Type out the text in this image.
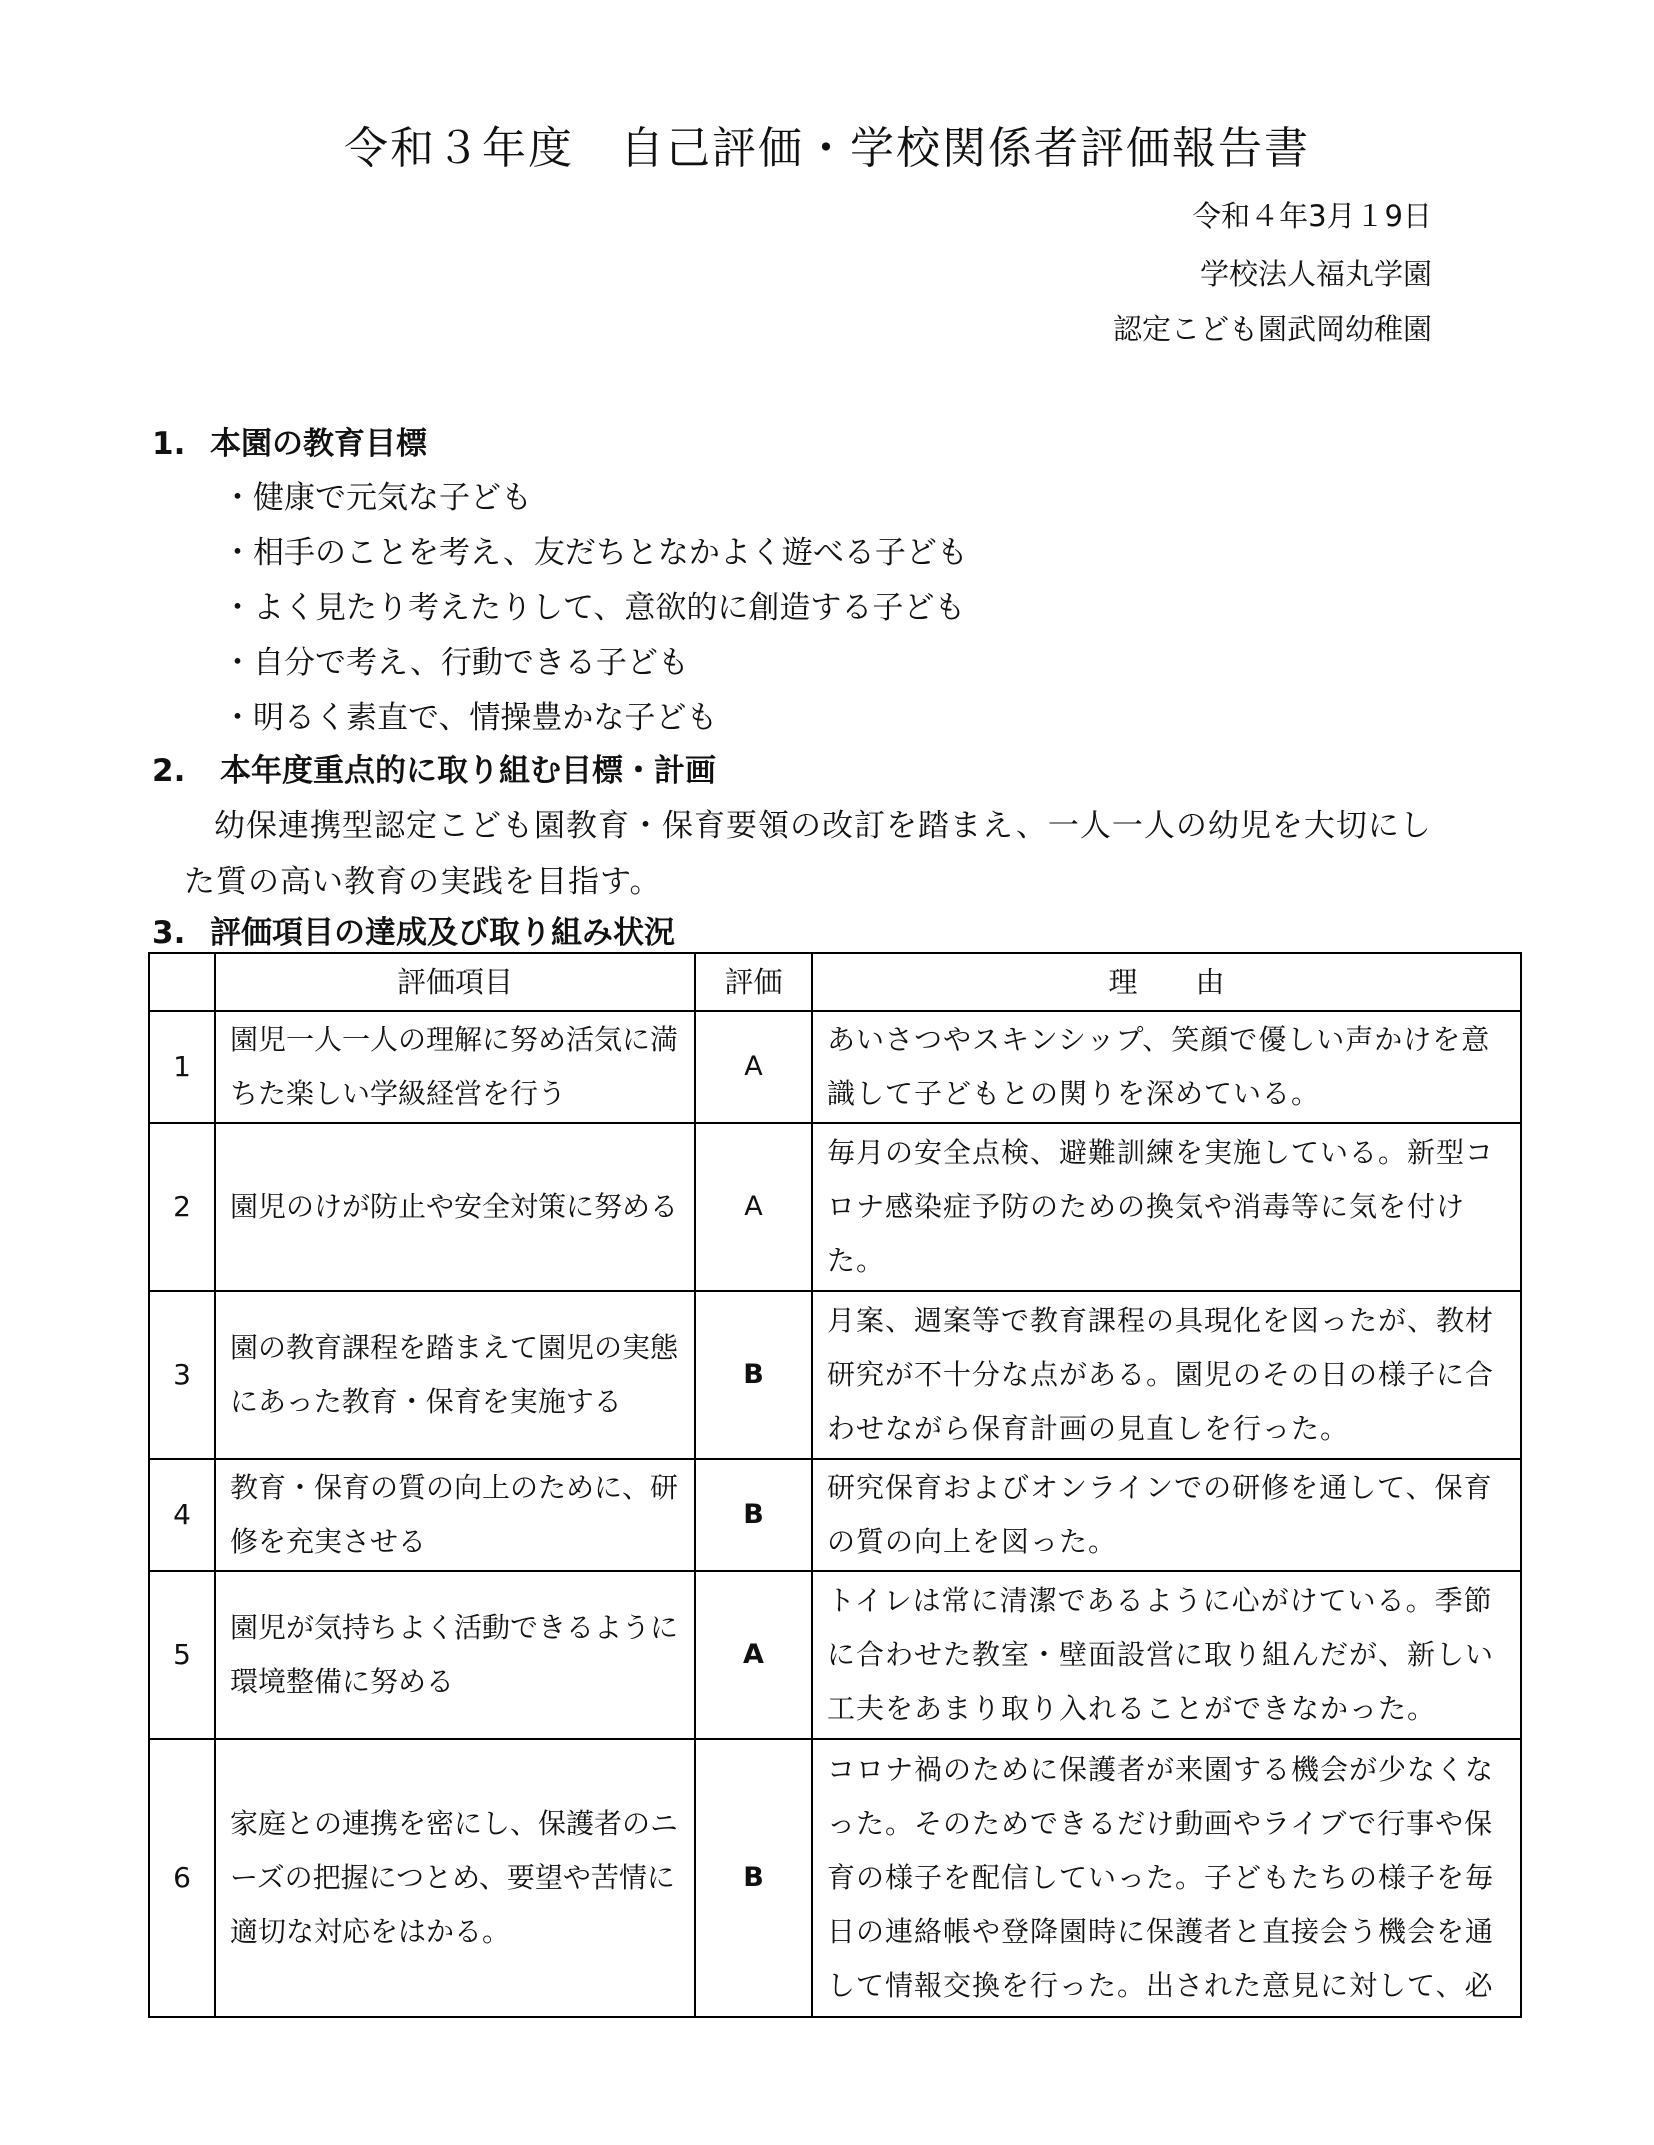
令和３年度　自己評価・学校関係者評価報告書
令和４年3月１9日
学校法人福丸学園
認定こども園武岡幼稚園
1. 本園の教育目標
・健康で元気な子ども
・相手のことを考え、友だちとなかよく遊べる子ども
・よく見たり考えたりして、意欲的に創造する子ども
・自分で考え、行動できる子ども
・明るく素直で、情操豊かな子ども
2. 本年度重点的に取り組む目標・計画
幼保連携型認定こども園教育・保育要領の改訂を踏まえ、一人一人の幼児を大切にし
た質の高い教育の実践を目指す。
3. 評価項目の達成及び取り組み状況
	評価項目	評価	理　　由
1	園児一人一人の理解に努め活気に満ちた楽しい学級経営を行う	A	あいさつやスキンシップ、笑顔で優しい声かけを意識して子どもとの関りを深めている。
2	園児のけが防止や安全対策に努める	A	毎月の安全点検、避難訓練を実施している。新型コロナ感染症予防のための換気や消毒等に気を付けた。
3	園の教育課程を踏まえて園児の実態にあった教育・保育を実施する	B	月案、週案等で教育課程の具現化を図ったが、教材研究が不十分な点がある。園児のその日の様子に合わせながら保育計画の見直しを行った。
4	教育・保育の質の向上のために、研修を充実させる	B	研究保育およびオンラインでの研修を通して、保育の質の向上を図った。
5	園児が気持ちよく活動できるように環境整備に努める	A	トイレは常に清潔であるように心がけている。季節に合わせた教室・壁面設営に取り組んだが、新しい工夫をあまり取り入れることができなかった。
6	家庭との連携を密にし、保護者のニーズの把握につとめ、要望や苦情に適切な対応をはかる。	B	コロナ禍のために保護者が来園する機会が少なくなった。そのためできるだけ動画やライブで行事や保育の様子を配信していった。子どもたちの様子を毎日の連絡帳や登降園時に保護者と直接会う機会を通して情報交換を行った。出された意見に対して、必
